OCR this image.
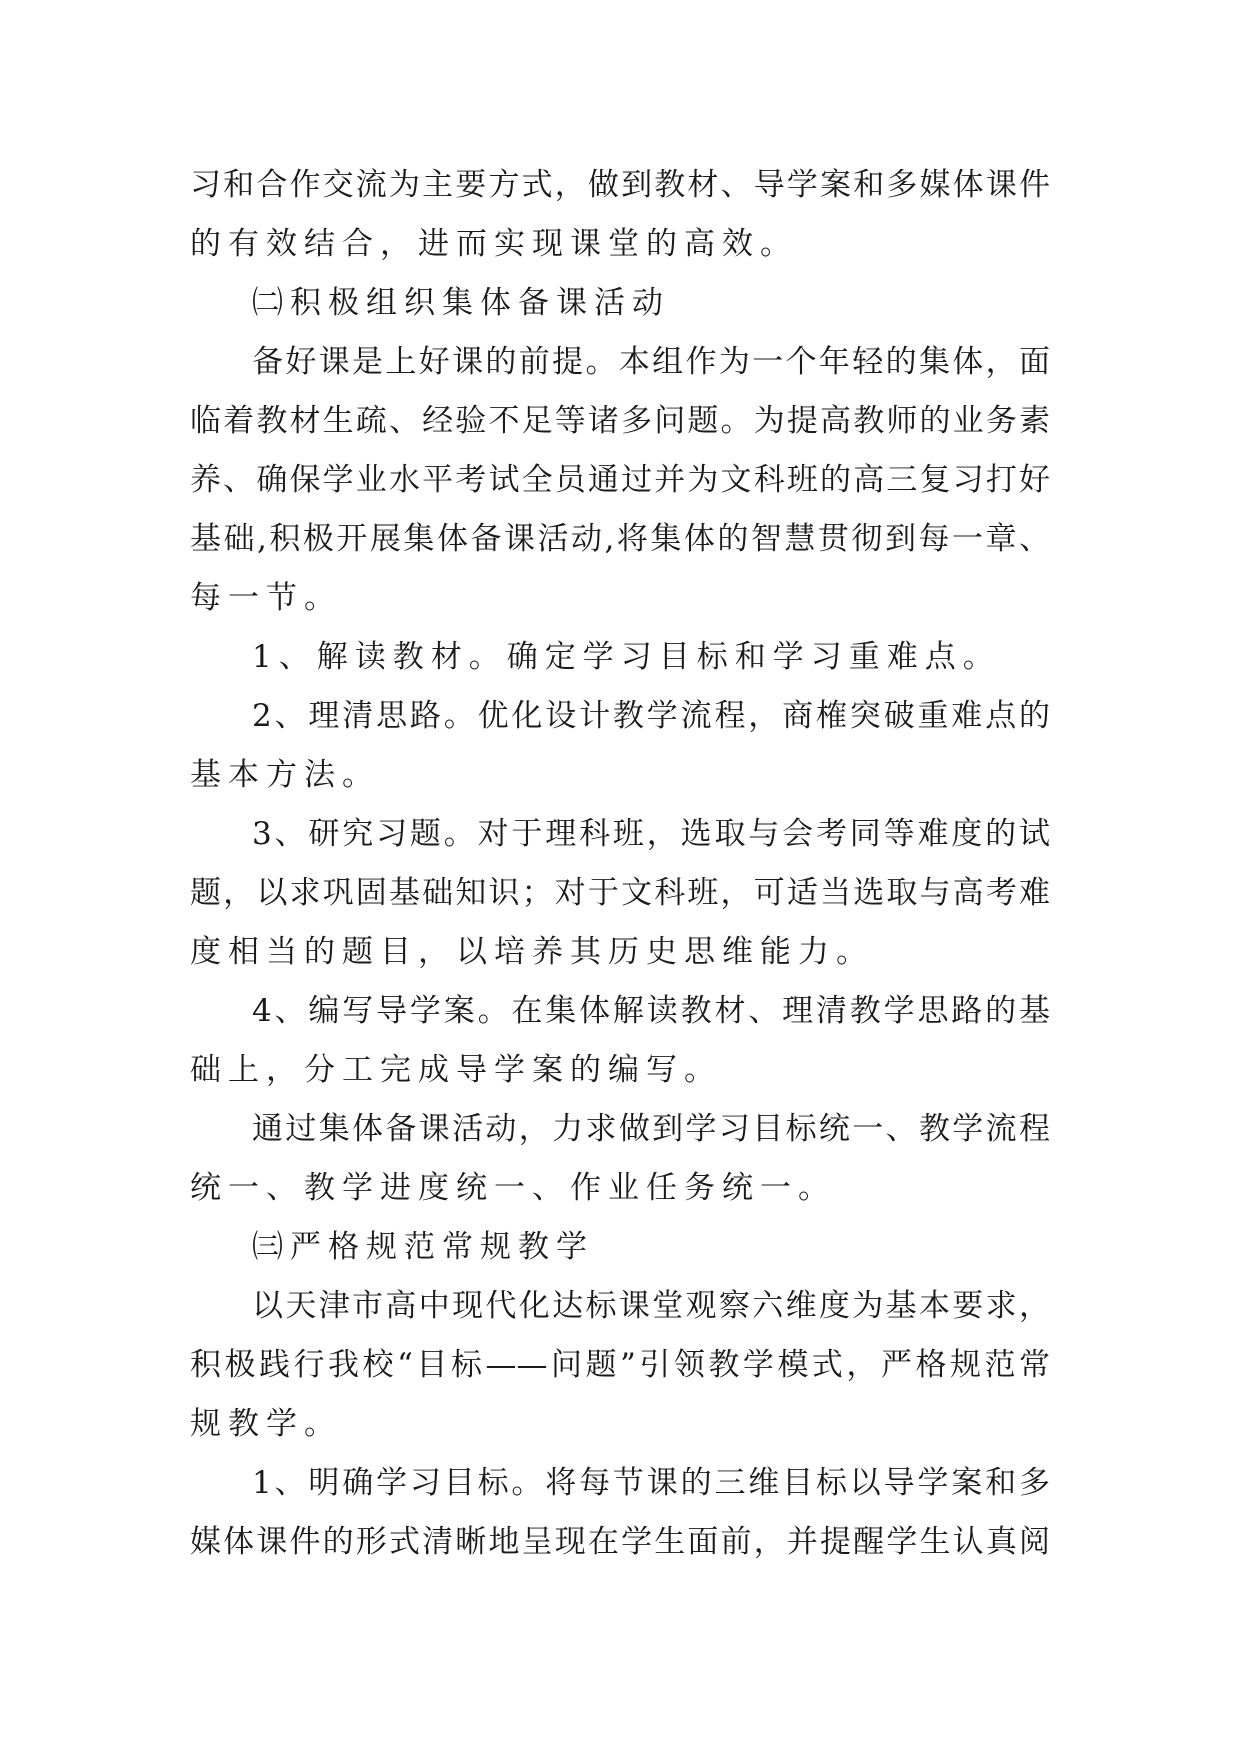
习和合作交流为主要方式，做到教材、导学案和多媒体课件
的有效结合，进而实现课堂的高效。
㈡积极组织集体备课活动
备好课是上好课的前提。本组作为一个年轻的集体，面
临着教材生疏、经验不足等诸多问题。为提高教师的业务素
养、确保学业水平考试全员通过并为文科班的高三复习打好
基础,积极开展集体备课活动,将集体的智慧贯彻到每一章、
每一节。
1、解读教材。确定学习目标和学习重难点。
2、理清思路。优化设计教学流程，商榷突破重难点的
基本方法。
3、研究习题。对于理科班，选取与会考同等难度的试
题，以求巩固基础知识；对于文科班，可适当选取与高考难
度相当的题目，以培养其历史思维能力。
4、编写导学案。在集体解读教材、理清教学思路的基
础上，分工完成导学案的编写。
通过集体备课活动，力求做到学习目标统一、教学流程
统一、教学进度统一、作业任务统一。
㈢严格规范常规教学
以天津市高中现代化达标课堂观察六维度为基本要求，
积极践行我校“目标——问题”引领教学模式，严格规范常
规教学。
1、明确学习目标。将每节课的三维目标以导学案和多
媒体课件的形式清晰地呈现在学生面前，并提醒学生认真阅
